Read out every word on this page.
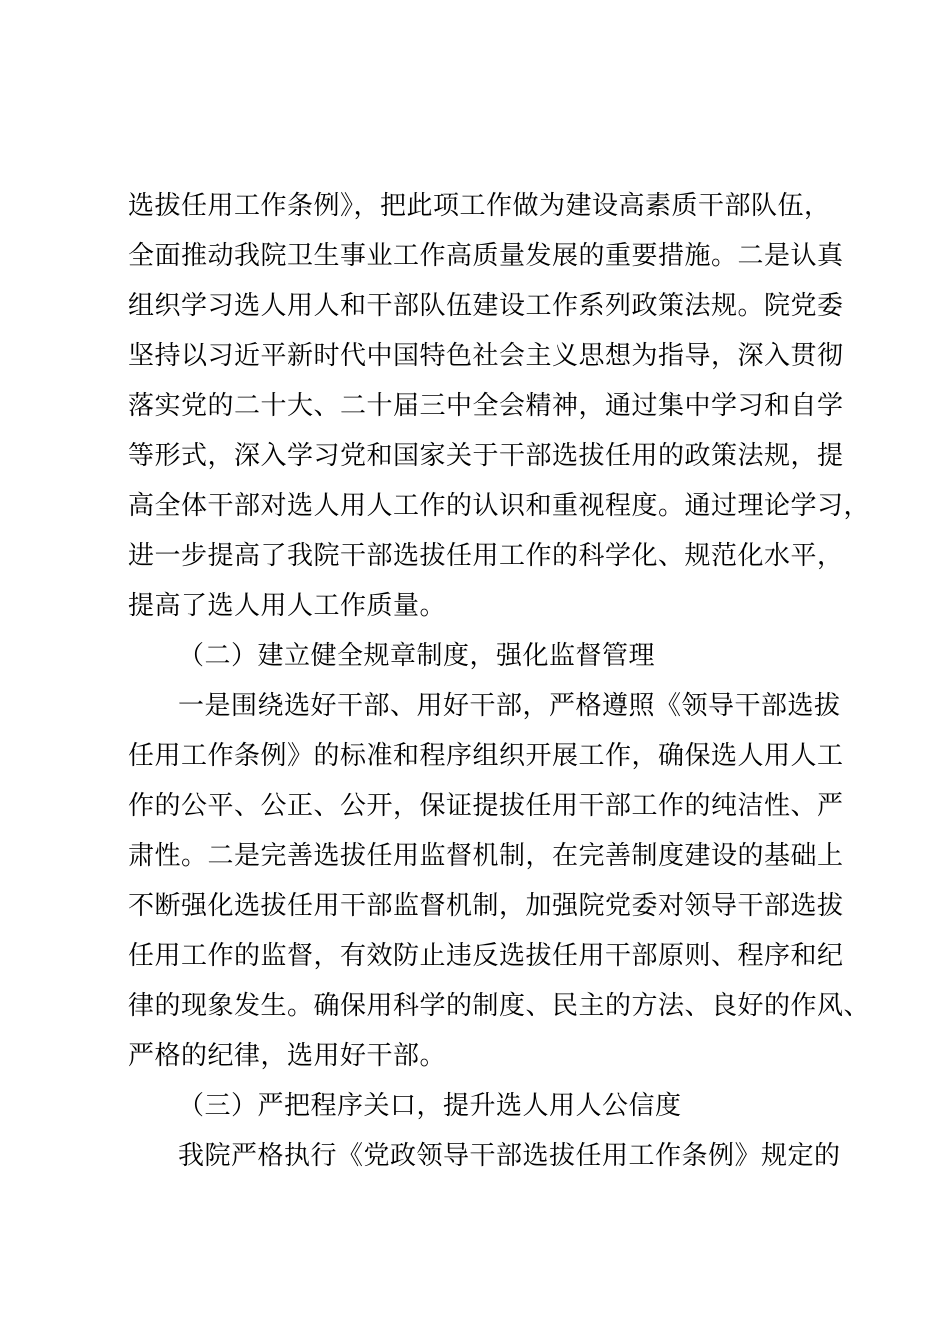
选拔任用工作条例》，把此项工作做为建设高素质干部队伍，
全面推动我院卫生事业工作高质量发展的重要措施。二是认真
组织学习选人用人和干部队伍建设工作系列政策法规。院党委
坚持以习近平新时代中国特色社会主义思想为指导，深入贯彻
落实党的二十大、二十届三中全会精神，通过集中学习和自学
等形式，深入学习党和国家关于干部选拔任用的政策法规，提
高全体干部对选人用人工作的认识和重视程度。通过理论学习，
进一步提高了我院干部选拔任用工作的科学化、规范化水平，
提高了选人用人工作质量。
（二）建立健全规章制度，强化监督管理
一是围绕选好干部、用好干部，严格遵照《领导干部选拔
任用工作条例》的标准和程序组织开展工作，确保选人用人工
作的公平、公正、公开，保证提拔任用干部工作的纯洁性、严
肃性。二是完善选拔任用监督机制，在完善制度建设的基础上
不断强化选拔任用干部监督机制，加强院党委对领导干部选拔
任用工作的监督，有效防止违反选拔任用干部原则、程序和纪
律的现象发生。确保用科学的制度、民主的方法、良好的作风、
严格的纪律，选用好干部。
（三）严把程序关口，提升选人用人公信度
我院严格执行《党政领导干部选拔任用工作条例》规定的
